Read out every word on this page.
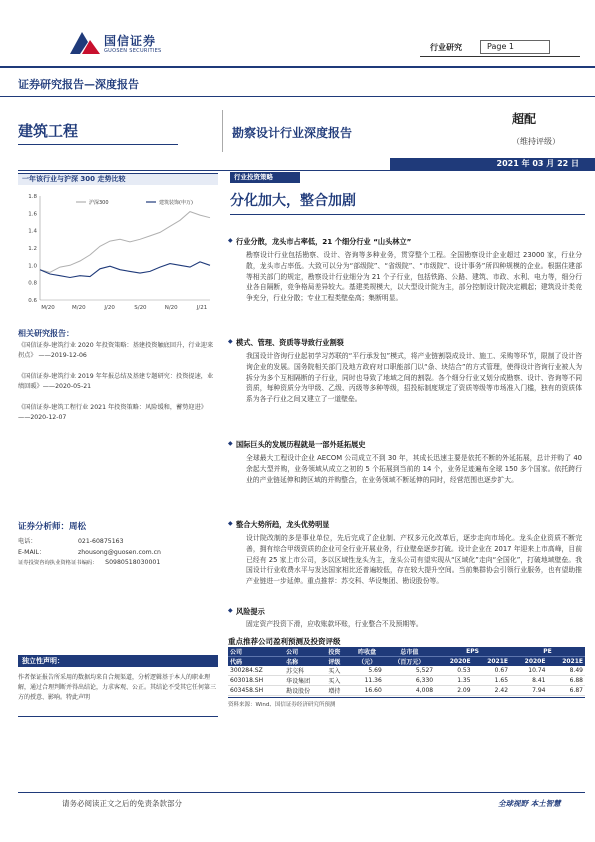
国信证券
GUOSEN SECURITIES	行业研究	Page 1
证券研究报告—深度报告
建筑工程	勘察设计行业深度报告
超配
（维持评级）
2021 年 03 月 22 日
一年该行业与沪深 300 走势比较
0.6
0.8
1.0
1.2
1.4
1.6
1.8
M/20	M/20	J/20	S/20	N/20	J/21
沪深300	建筑装饰(申万)
相关研究报告：
《国信证券-建筑行业 2020 年投资策略：基建投资触底回升，行业迎来拐点》 ——2019-12-06
《国信证券-建筑行业 2019 年年报总结及基建专题研究：投资提速，业绩回暖》——2020-05-21
《国信证券-建筑工程行业 2021 年投资策略：风险缓和，蓄势迎进》——2020-12-07
证券分析师：周松
电话：	021-60875163
E-MAIL：	zhousong@guosen.com.cn
证券投资咨询执业资格证书编码： S0980518030001
独立性声明：
作者保证报告所采用的数据均来自合规渠道，分析逻辑基于本人的职业理解，通过合理判断并得出结论，力求客观、公正。其结论不受其它任何第三方的授意、影响。特此声明
行业投资策略
分化加大，整合加剧
◆ 行业分散，龙头市占率低，21 个细分行业 “山头林立”
勘察设计行业包括勘察、设计、咨询等多种业务，贯穿整个工程。全国勘察设计企业超过 23000 家，行业分散，龙头市占率低。大致可以分为“部级院”、“省级院”、“市级院”、设计事务”所四种规模的企业。根据住建部等相关部门的规定，勘察设计行业细分为 21 个子行业，包括铁路、公路、建筑、市政、水利、电力等，细分行业各自隔断，竞争格局差异较大。基建类规模大，以大型设计院为主，部分控制设计院决定耦起；建筑设计类竞争充分，行业分散；专业工程类壁垒高；集断明显。
◆ 模式、管理、资质等导致行业割裂
我国设计咨询行业起初学习苏联的“平行承发包”模式，将产业链割裂成设计、施工、采购等环节，限制了设计咨询企业的发展。国务院相关部门及地方政府对口职能部门以“条、块结合”的方式管理，使得设计咨询行业被人为拆分为多个互相隔断的子行业，同时也导致了地域之间的割裂。各个细分行业又划分成勘察、设计、咨询等不同资质，每种资质分为甲级、乙级、丙级等多种等级，招投标制度规定了资质等级等市场准入门槛，独有的资质体系为各子行业之间又建立了一道壁垒。
◆ 国际巨头的发展历程就是一部外延拓展史
全球最大工程设计企业 AECOM 公司成立不到 30 年，其成长迅速主要是依托不断的外延拓展，总计并购了 40 余起大型并购，业务领域从成立之初的 5 个拓展到当前的 14 个，业务足迹遍布全球 150 多个国家。依托跨行业的产业链延伸和跨区域的并购整合，在业务领域不断延伸的同时，经营范围也逐步扩大。
◆ 整合大势所趋，龙头优势明显
设计院改制的多是事业单位，先后完成了企业制、产权多元化改革后，逐步走向市场化。龙头企业资质不断完善，拥有综合甲级资质的企业可全行业开展业务，行业壁垒逐步打破。设计企业在 2017 年迎来上市高峰，目前已经有 25 家上市公司，多以区域性龙头为主，龙头公司有望实现从“区域化”走向“全国化”，打破地域壁垒。我国设计行业收费水平与发达国家相比还普遍较低，存在较大提升空间。当前集群协会引领行业服务，也有望助推产业链进一步延伸。重点推荐：苏交科、华设集团、勘设股份等。
◆ 风险提示
固定资产投资下滑，应收账款坏账，行业整合不及预期等。
重点推荐公司盈利预测及投资评级
公司	公司	投资	昨收盘	总市值	EPS		PE	
代码	名称	评级	（元）	（百万元）	2020E	2021E	2020E	2021E
300284.SZ	苏交科	买入	5.69	5,527	0.53	0.67	10.74	8.49
603018.SH	华设集团	买入	11.36	6,330	1.35	1.65	8.41	6.88
603458.SH	勘设股份	增持	16.60	4,008	2.09	2.42	7.94	6.87
资料来源：Wind、国信证券经济研究所预测
请务必阅读正文之后的免责条款部分	全球视野 本土智慧
